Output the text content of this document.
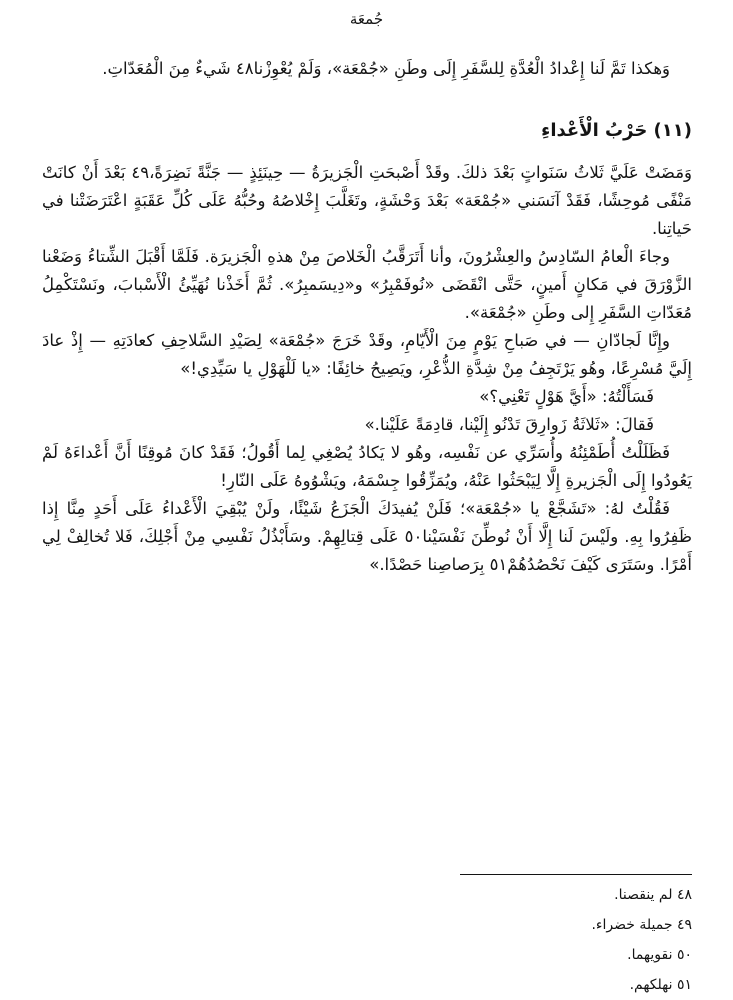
جُمعَة

وَهكذا تَمَّ لَنا إِعْدادُ الْعُدَّةِ لِلسَّفَرِ إِلَى وطَنِ «جُمْعَة»، وَلَمْ يُعْوِزْنا٤٨ شَيءٌ مِنَ الْمُعَدّاتِ.

(١١) حَرْبُ الْأَعْداءِ

وَمَضَتْ عَلَيَّ ثَلاثُ سَنَواتٍ بَعْدَ ذلكَ. وقَدْ أَصْبحَتِ الْجَزيرَةُ — حِينَئِذٍ — جَنَّةً نَضِرَةً،٤٩ بَعْدَ أَنْ كانَتْ مَنْفًى مُوحِشًا، فَقَدْ آنَسَني «جُمْعَة» بَعْدَ وَحْشَةٍ، وتَغَلَّبَ إِخْلاصُهُ وحُبُّهُ عَلَى كُلِّ عَقَبَةٍ اعْتَرَضَتْنا في حَياتِنا.

وجاءَ الْعامُ السّادِسُ والعِشْرُونَ، وأنا أَتَرَقَّبُ الْخَلاصَ مِنْ هذهِ الْجَزيرَة. فَلَمَّا أَقْبَلَ الشِّتاءُ وَضَعْنا الزَّوْرَقَ في مَكانٍ أَمينٍ، حَتَّى انْقَضَى «نُوفَمْبِرُ» و«دِيسَمبِرُ». ثُمَّ أَخَذْنا نُهَيِّئُ الْأَسْبابَ، ونَسْتَكْمِلُ مُعَدّاتِ السَّفَرِ إِلى وطَنِ «جُمْعَة».

وإِنَّا لَجادّانِ — في صَباحِ يَوْمٍ مِنَ الْأَيّامِ، وقَدْ خَرَجَ «جُمْعَة» لِصَيْدِ السَّلاحِفِ كعادَتِهِ — إِذْ عادَ إِلَيَّ مُسْرِعًا، وهُو يَرْتَجِفُ مِنْ شِدَّةِ الذُّعْرِ، ويَصِيحُ خائِفًا: «يا لَلْهَوْلِ يا سَيِّدِي!»

فَسَأَلْتُهُ: «أَيَّ هَوْلٍ تَعْنِي؟»

فَقالَ: «ثَلاثَةُ زَوارِقَ تَدْنُو إِلَيْنا، قادِمَةً عَلَيْنا.»

فَظَلَلْتُ أُطَمْئِنُهُ وأُسَرِّي عن نَفْسِه، وهُو لا يَكادُ يُصْغِي لِما أَقُولُ؛ فَقَدْ كانَ مُوقِنًا أَنَّ أَعْداءَهُ لَمْ يَعُودُوا إِلَى الْجَزيرةِ إِلَّا لِيَبْحَثُوا عَنْهُ، ويُمَزِّقُوا جِسْمَهُ، ويَشْوُوهُ عَلَى النّارِ!

فَقُلْتُ لهُ: «تَشَجَّعْ يا «جُمْعَة»؛ فَلَنْ يُفيدَكَ الْجَزَعُ شَيْئًا، ولَنْ يُبْقِيَ الْأَعْداءُ عَلَى أَحَدٍ مِنَّا إِذا ظَفِرُوا بِهِ. ولَيْسَ لَنا إِلَّا أَنْ نُوطِّنَ نَفْسَيْنا٥٠ عَلَى قِتالِهِمْ. وسَأَبْذُلُ نَفْسِي مِنْ أَجْلِكَ، فَلا تُخالِفْ لِي أَمْرًا. وسَتَرَى كَيْفَ نَحْصُدُهُمْ٥١ بِرَصاصِنا حَصْدًا.»

٤٨ لم ينقصنا.

٤٩ جميلة خضراء.

٥٠ نقويهما.

٥١ نهلكهم.
